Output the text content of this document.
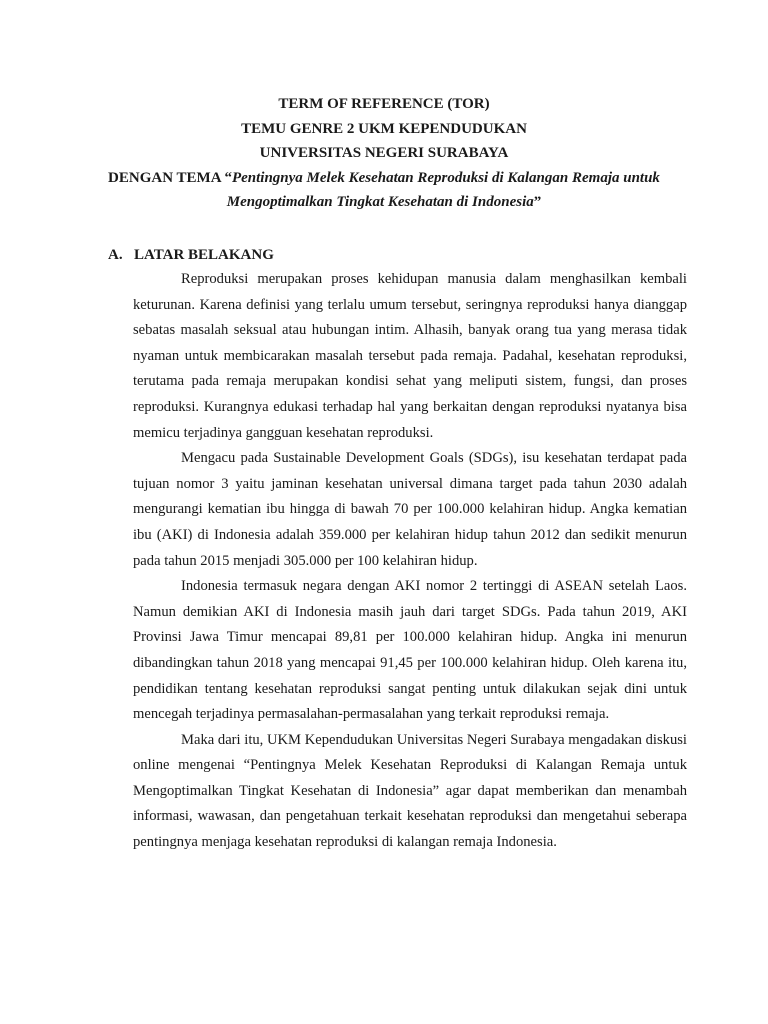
TERM OF REFERENCE (TOR)
TEMU GENRE 2 UKM KEPENDUDUKAN
UNIVERSITAS NEGERI SURABAYA
DENGAN TEMA “Pentingnya Melek Kesehatan Reproduksi di Kalangan Remaja untuk
Mengoptimalkan Tingkat Kesehatan di Indonesia”
A. LATAR BELAKANG

Reproduksi merupakan proses kehidupan manusia dalam menghasilkan kembali keturunan. Karena definisi yang terlalu umum tersebut, seringnya reproduksi hanya dianggap sebatas masalah seksual atau hubungan intim. Alhasih, banyak orang tua yang merasa tidak nyaman untuk membicarakan masalah tersebut pada remaja. Padahal, kesehatan reproduksi, terutama pada remaja merupakan kondisi sehat yang meliputi sistem, fungsi, dan proses reproduksi. Kurangnya edukasi terhadap hal yang berkaitan dengan reproduksi nyatanya bisa memicu terjadinya gangguan kesehatan reproduksi.

Mengacu pada Sustainable Development Goals (SDGs), isu kesehatan terdapat pada tujuan nomor 3 yaitu jaminan kesehatan universal dimana target pada tahun 2030 adalah mengurangi kematian ibu hingga di bawah 70 per 100.000 kelahiran hidup. Angka kematian ibu (AKI) di Indonesia adalah 359.000 per kelahiran hidup tahun 2012 dan sedikit menurun pada tahun 2015 menjadi 305.000 per 100 kelahiran hidup.

Indonesia termasuk negara dengan AKI nomor 2 tertinggi di ASEAN setelah Laos. Namun demikian AKI di Indonesia masih jauh dari target SDGs. Pada tahun 2019, AKI Provinsi Jawa Timur mencapai 89,81 per 100.000 kelahiran hidup. Angka ini menurun dibandingkan tahun 2018 yang mencapai 91,45 per 100.000 kelahiran hidup. Oleh karena itu, pendidikan tentang kesehatan reproduksi sangat penting untuk dilakukan sejak dini untuk mencegah terjadinya permasalahan-permasalahan yang terkait reproduksi remaja.

Maka dari itu, UKM Kependudukan Universitas Negeri Surabaya mengadakan diskusi online mengenai “Pentingnya Melek Kesehatan Reproduksi di Kalangan Remaja untuk Mengoptimalkan Tingkat Kesehatan di Indonesia” agar dapat memberikan dan menambah informasi, wawasan, dan pengetahuan terkait kesehatan reproduksi dan mengetahui seberapa pentingnya menjaga kesehatan reproduksi di kalangan remaja Indonesia.
